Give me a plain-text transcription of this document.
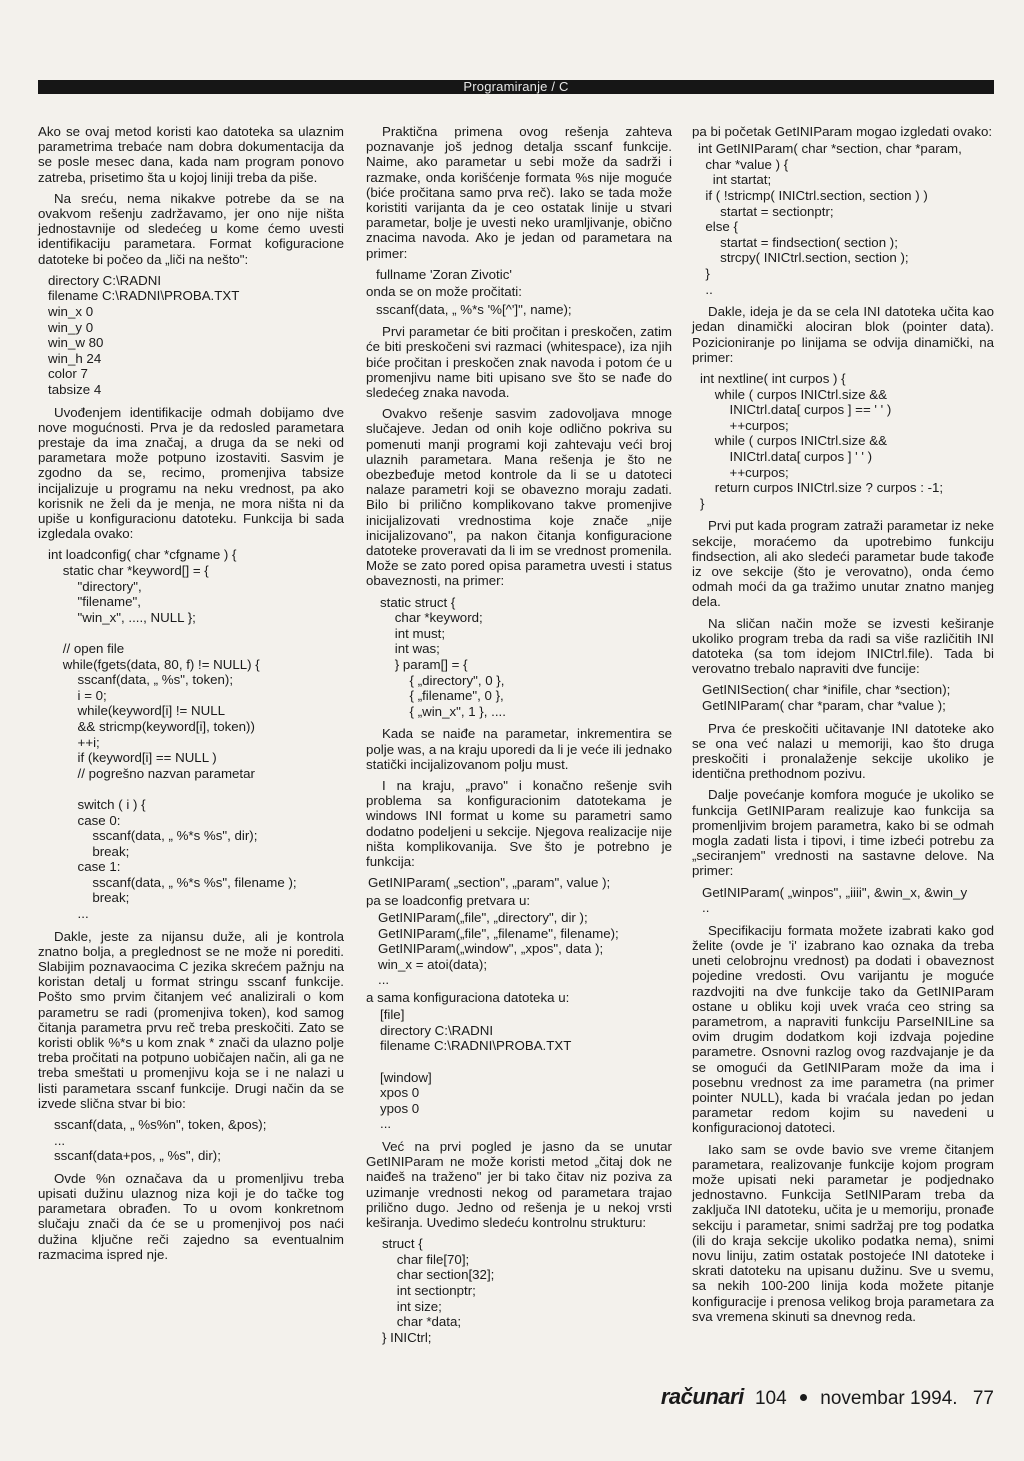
Programiranje / C

Ako se ovaj metod koristi kao datoteka sa ulaznim parametrima trebaće nam dobra dokumentacija da se posle mesec dana, kada nam program ponovo zatreba, prisetimo šta u kojoj liniji treba da piše.

Na sreću, nema nikakve potrebe da se na ovakvom rešenju zadržavamo, jer ono nije ništa jednostavnije od sledećeg u kome ćemo uvesti identifikaciju parametara. Format kofiguracione datoteke bi počeo da „liči na nešto":

directory C:\RADNI
filename C:\RADNI\PROBA.TXT
win_x 0
win_y 0
win_w 80
win_h 24
color 7
tabsize 4

Uvođenjem identifikacije odmah dobijamo dve nove mogućnosti. Prva je da redosled parametara prestaje da ima značaj, a druga da se neki od parametara može potpuno izostaviti. Sasvim je zgodno da se, recimo, promenjiva tabsize incijalizuje u programu na neku vrednost, pa ako korisnik ne želi da je menja, ne mora ništa ni da upiše u konfiguracionu datoteku. Funkcija bi sada izgledala ovako:

int loadconfig( char *cfgname ) {
static char *keyword[] = {
"directory",
"filename",
"win_x", ...., NULL };

// open file
while(fgets(data, 80, f) != NULL) {
sscanf(data, „ %s", token);
i = 0;
while(keyword[i] != NULL
&& stricmp(keyword[i], token))
++i;
if (keyword[i] == NULL )
// pogrešno nazvan parametar

switch ( i ) {
case 0:
sscanf(data, „ %*s %s", dir);
break;
case 1:
sscanf(data, „ %*s %s", filename );
break;
...

Dakle, jeste za nijansu duže, ali je kontrola znatno bolja, a preglednost se ne može ni porediti. Slabijim poznavaocima C jezika skrećem pažnju na koristan detalj u format stringu sscanf funkcije. Pošto smo prvim čitanjem već analizirali o kom parametru se radi (promenjiva token), kod samog čitanja parametra prvu reč treba preskočiti. Zato se koristi oblik %*s u kom znak * znači da ulazno polje treba pročitati na potpuno uobičajen način, ali ga ne treba smeštati u promenjivu koja se i ne nalazi u listi parametara sscanf funkcije. Drugi način da se izvede slična stvar bi bio:

sscanf(data, „ %s%n", token, &pos);
...
sscanf(data+pos, „ %s", dir);

Ovde %n označava da u promenljivu treba upisati dužinu ulaznog niza koji je do tačke tog parametara obrađen. To u ovom konkretnom slučaju znači da će se u promenjivoj pos naći dužina ključne reči zajedno sa eventualnim razmacima ispred nje.

Praktična primena ovog rešenja zahteva poznavanje još jednog detalja sscanf funkcije. Naime, ako parametar u sebi može da sadrži i razmake, onda korišćenje formata %s nije moguće (biće pročitana samo prva reč). Iako se tada može koristiti varijanta da je ceo ostatak linije u stvari parametar, bolje je uvesti neko uramljivanje, obično znacima navoda. Ako je jedan od parametara na primer:

fullname 'Zoran Zivotic'

onda se on može pročitati:

sscanf(data, „ %*s '%[^']", name);

Prvi parametar će biti pročitan i preskočen, zatim će biti preskočeni svi razmaci (whitespace), iza njih biće pročitan i preskočen znak navoda i potom će u promenjivu name biti upisano sve što se nađe do sledećeg znaka navoda.

Ovakvo rešenje sasvim zadovoljava mnoge slučajeve. Jedan od onih koje odlično pokriva su pomenuti manji programi koji zahtevaju veći broj ulaznih parametara. Mana rešenja je što ne obezbeđuje metod kontrole da li se u datoteci nalaze parametri koji se obavezno moraju zadati. Bilo bi prilično komplikovano takve promenjive inicijalizovati vrednostima koje znače „nije inicijalizovano", pa nakon čitanja konfiguracione datoteke proveravati da li im se vrednost promenila. Može se zato pored opisa parametra uvesti i status obaveznosti, na primer:

static struct {
char *keyword;
int must;
int was;
} param[] = {
{ „directory", 0 },
{ „filename", 0 },
{ „win_x", 1 }, ....

Kada se naiđe na parametar, inkrementira se polje was, a na kraju uporedi da li je veće ili jednako statički incijalizovanom polju must.

I na kraju, „pravo" i konačno rešenje svih problema sa konfiguracionim datotekama je windows INI format u kome su parametri samo dodatno podeljeni u sekcije. Njegova realizacije nije ništa komplikovanija. Sve što je potrebno je funkcija:

GetINIParam( „section", „param", value );

pa se loadconfig pretvara u:

GetINIParam(„file", „directory", dir );
GetINIParam(„file", „filename", filename);
GetINIParam(„window", „xpos", data );
win_x = atoi(data);
...

a sama konfiguraciona datoteka u:

[file]
directory C:\RADNI
filename C:\RADNI\PROBA.TXT

[window]
xpos 0
ypos 0
...

Već na prvi pogled je jasno da se unutar GetINIParam ne može koristi metod „čitaj dok ne naiđeš na traženo" jer bi tako čitav niz poziva za uzimanje vrednosti nekog od parametara trajao prilično dugo. Jedno od rešenja je u nekoj vrsti keširanja. Uvedimo sledeću kontrolnu strukturu:

struct {
char file[70];
char section[32];
int sectionptr;
int size;
char *data;
} INICtrl;

pa bi početak GetINIParam mogao izgledati ovako:

int GetINIParam( char *section, char *param,
char *value ) {
int startat;
if ( !stricmp( INICtrl.section, section ) )
startat = sectionptr;
else {
startat = findsection( section );
strcpy( INICtrl.section, section );
}
..

Dakle, ideja je da se cela INI datoteka učita kao jedan dinamički alociran blok (pointer data). Pozicioniranje po linijama se odvija dinamički, na primer:

int nextline( int curpos ) {
while ( curpos INICtrl.size &&
INICtrl.data[ curpos ] == ' ' )
++curpos;
while ( curpos INICtrl.size &&
INICtrl.data[ curpos ] ' ' )
++curpos;
return curpos INICtrl.size ? curpos : -1;
}

Prvi put kada program zatraži parametar iz neke sekcije, moraćemo da upotrebimo funkciju findsection, ali ako sledeći parametar bude takođe iz ove sekcije (što je verovatno), onda ćemo odmah moći da ga tražimo unutar znatno manjeg dela.

Na sličan način može se izvesti keširanje ukoliko program treba da radi sa više različitih INI datoteka (sa tom idejom INICtrl.file). Tada bi verovatno trebalo napraviti dve funcije:

GetINISection( char *inifile, char *section);
GetINIParam( char *param, char *value );

Prva će preskočiti učitavanje INI datoteke ako se ona već nalazi u memoriji, kao što druga preskočiti i pronalaženje sekcije ukoliko je identična prethodnom pozivu.

Dalje povećanje komfora moguće je ukoliko se funkcija GetINIParam realizuje kao funkcija sa promenljivim brojem parametra, kako bi se odmah mogla zadati lista i tipovi, i time izbeći potrebu za „seciranjem" vrednosti na sastavne delove. Na primer:

GetINIParam( „winpos", „iiii", &win_x, &win_y
..

Specifikaciju formata možete izabrati kako god želite (ovde je 'i' izabrano kao oznaka da treba uneti celobrojnu vrednost) pa dodati i obaveznost pojedine vredosti. Ovu varijantu je moguće razdvojiti na dve funkcije tako da GetINIParam ostane u obliku koji uvek vraća ceo string sa parametrom, a napraviti funkciju ParseINILine sa ovim drugim dodatkom koji izdvaja pojedine parametre. Osnovni razlog ovog razdvajanje je da se omogući da GetINIParam može da ima i posebnu vrednost za ime parametra (na primer pointer NULL), kada bi vraćala jedan po jedan parametar redom kojim su navedeni u konfiguracionoj datoteci.

Iako sam se ovde bavio sve vreme čitanjem parametara, realizovanje funkcije kojom program može upisati neki parametar je podjednako jednostavno. Funkcija SetINIParam treba da zaključa INI datoteku, učita je u memoriju, pronađe sekciju i parametar, snimi sadržaj pre tog podatka (ili do kraja sekcije ukoliko podatka nema), snimi novu liniju, zatim ostatak postojeće INI datoteke i skrati datoteku na upisanu dužinu. Sve u svemu, sa nekih 100-200 linija koda možete pitanje konfiguracije i prenosa velikog broja parametara za sva vremena skinuti sa dnevnog reda.

računari 104 novembar 1994. 77
